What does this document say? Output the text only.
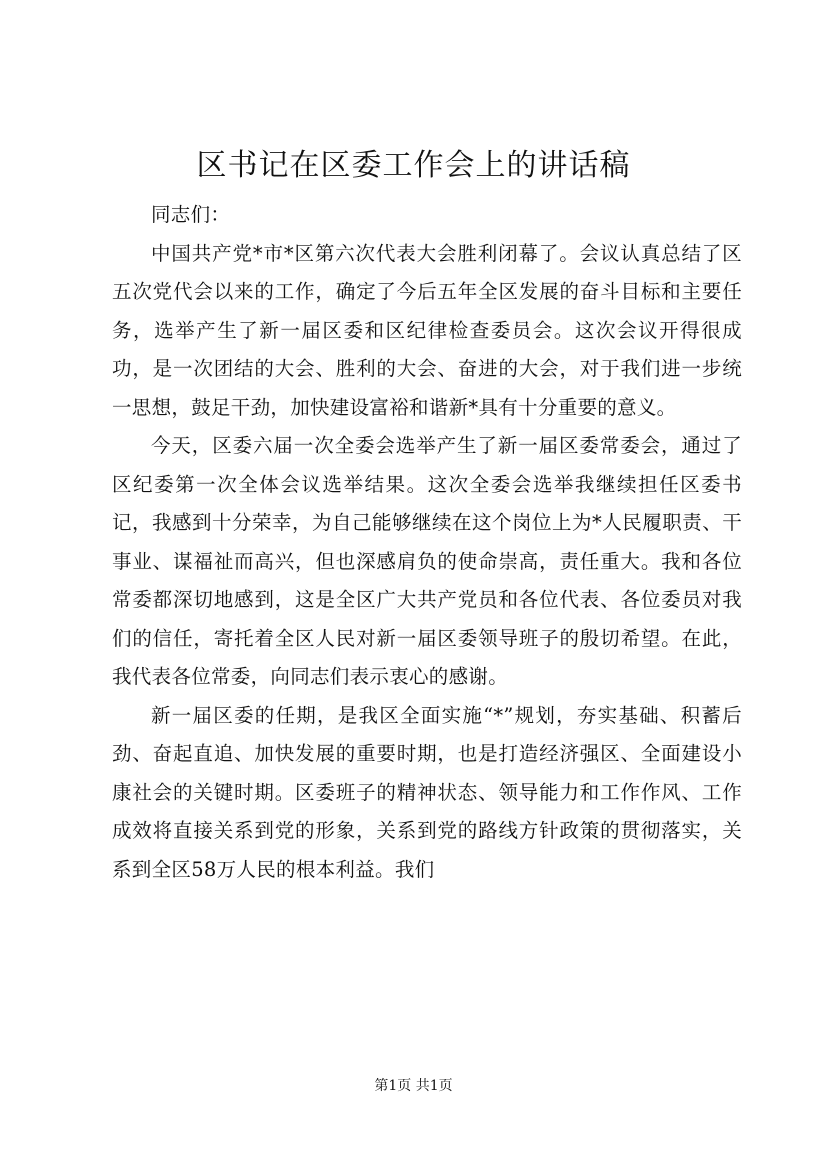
区书记在区委工作会上的讲话稿

同志们：

中国共产党*市*区第六次代表大会胜利闭幕了。会议认真总结了区五次党代会以来的工作，确定了今后五年全区发展的奋斗目标和主要任务，选举产生了新一届区委和区纪律检查委员会。这次会议开得很成功，是一次团结的大会、胜利的大会、奋进的大会，对于我们进一步统一思想，鼓足干劲，加快建设富裕和谐新*具有十分重要的意义。

今天，区委六届一次全委会选举产生了新一届区委常委会，通过了区纪委第一次全体会议选举结果。这次全委会选举我继续担任区委书记，我感到十分荣幸，为自己能够继续在这个岗位上为*人民履职责、干事业、谋福祉而高兴，但也深感肩负的使命崇高，责任重大。我和各位常委都深切地感到，这是全区广大共产党员和各位代表、各位委员对我们的信任，寄托着全区人民对新一届区委领导班子的殷切希望。在此，我代表各位常委，向同志们表示衷心的感谢。

新一届区委的任期，是我区全面实施“*”规划，夯实基础、积蓄后劲、奋起直追、加快发展的重要时期，也是打造经济强区、全面建设小康社会的关键时期。区委班子的精神状态、领导能力和工作作风、工作成效将直接关系到党的形象，关系到党的路线方针政策的贯彻落实，关系到全区58万人民的根本利益。我们

第1页 共1页
